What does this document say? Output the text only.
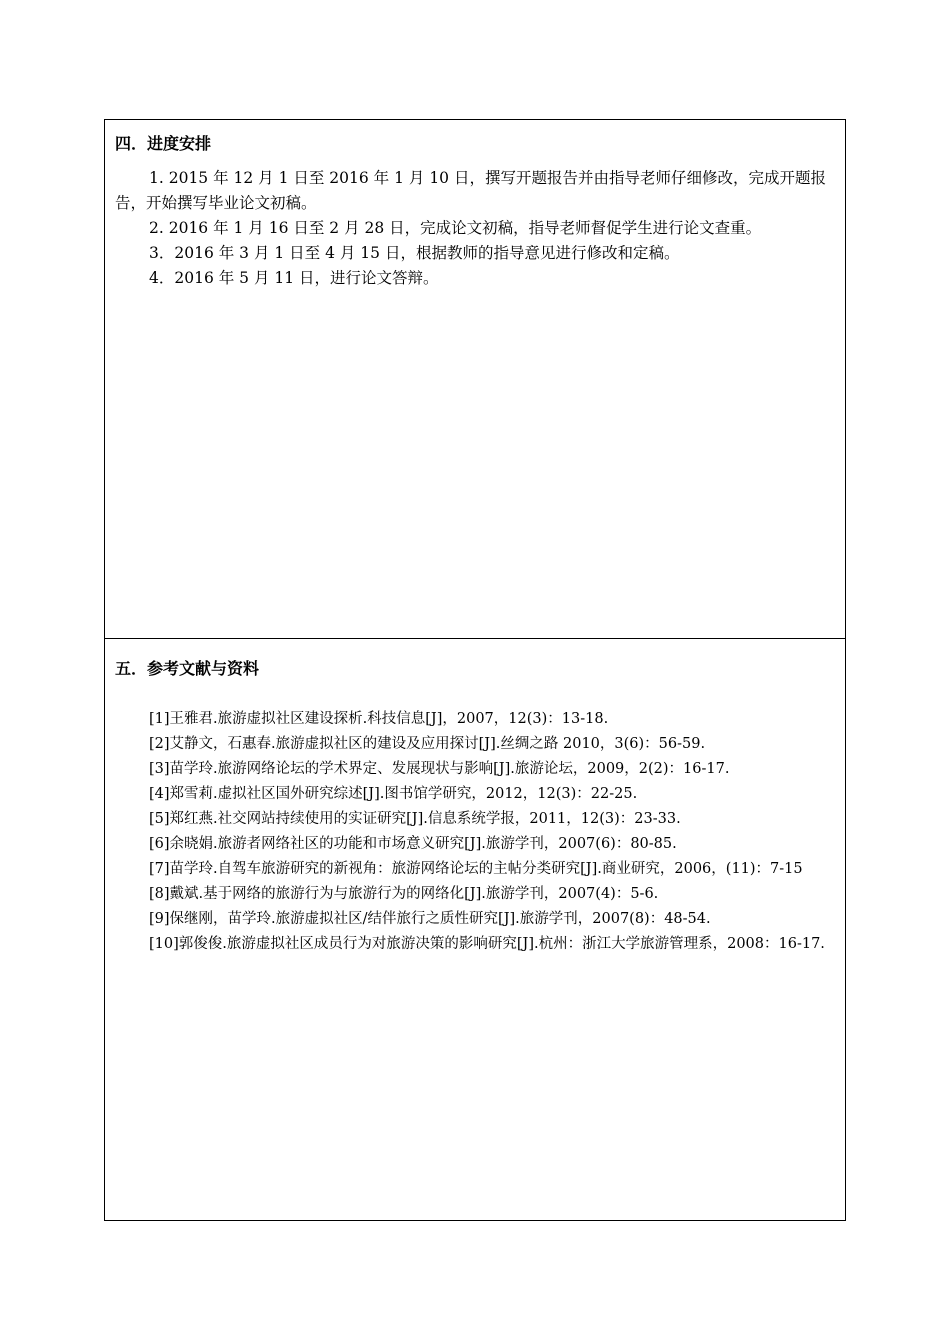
四．进度安排

1. 2015 年 12 月 1 日至 2016 年 1 月 10 日，撰写开题报告并由指导老师仔细修改，完成开题报告，开始撰写毕业论文初稿。

2. 2016 年 1 月 16 日至 2 月 28 日，完成论文初稿，指导老师督促学生进行论文查重。

3．2016 年 3 月 1 日至 4 月 15 日，根据教师的指导意见进行修改和定稿。

4．2016 年 5 月 11 日，进行论文答辩。

五．参考文献与资料

[1]王雅君.旅游虚拟社区建设探析.科技信息[J]，2007，12(3)：13-18.

[2]艾静文，石惠春.旅游虚拟社区的建设及应用探讨[J].丝绸之路 2010，3(6)：56-59.

[3]苗学玲.旅游网络论坛的学术界定、发展现状与影响[J].旅游论坛，2009，2(2)：16-17.

[4]郑雪莉.虚拟社区国外研究综述[J].图书馆学研究，2012，12(3)：22-25.

[5]郑红燕.社交网站持续使用的实证研究[J].信息系统学报，2011，12(3)：23-33.

[6]余晓娟.旅游者网络社区的功能和市场意义研究[J].旅游学刊，2007(6)：80-85.

[7]苗学玲.自驾车旅游研究的新视角：旅游网络论坛的主帖分类研究[J].商业研究，2006，(11)：7-15

[8]戴斌.基于网络的旅游行为与旅游行为的网络化[J].旅游学刊，2007(4)：5-6.

[9]保继刚，苗学玲.旅游虚拟社区/结伴旅行之质性研究[J].旅游学刊，2007(8)：48-54.

[10]郭俊俊.旅游虚拟社区成员行为对旅游决策的影响研究[J].杭州：浙江大学旅游管理系，2008：16-17.
